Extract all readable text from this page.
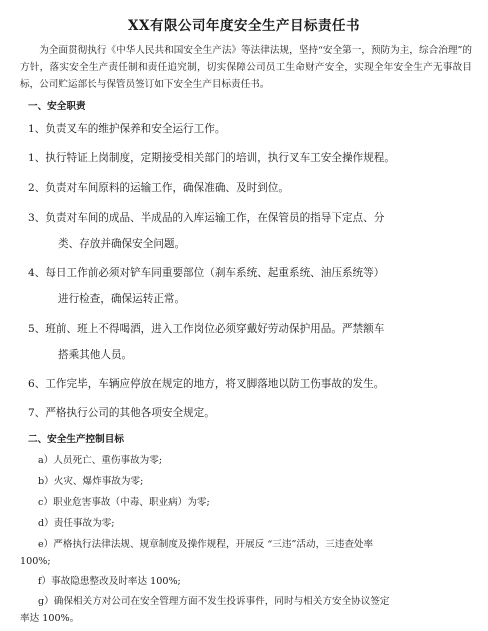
XX有限公司年度安全生产目标责任书
为全面贯彻执行《中华人民共和国安全生产法》等法律法规，坚持“安全第一，预防为主，综合治理”的方针，落实安全生产责任制和责任追究制，切实保障公司员工生命财产安全，实现全年安全生产无事故目标，公司贮运部长与保管员签订如下安全生产目标责任书。
一、安全职责
1、负责叉车的维护保养和安全运行工作。
1、执行特证上岗制度，定期接受相关部门的培训，执行叉车工安全操作规程。
2、负责对车间原料的运输工作，确保准确、及时到位。
3、负责对车间的成品、半成品的入库运输工作，在保管员的指导下定点、分
类、存放并确保安全问题。
4、每日工作前必须对铲车同重要部位（刹车系统、起重系统、油压系统等）
进行检查，确保运转正常。
5、班前、班上不得喝酒，进入工作岗位必须穿戴好劳动保护用品。严禁额车
搭乘其他人员。
6、工作完毕，车辆应停放在规定的地方，将叉脚落地以防工伤事故的发生。
7、严格执行公司的其他各项安全规定。
二、安全生产控制目标
a）人员死亡、重伤事故为零;
b）火灾、爆炸事故为零;
c）职业危害事故（中毒、职业病）为零;
d）责任事故为零;
e）严格执行法律法规、规章制度及操作规程，开展反 “三违”活动，三违查处率
100%;
f）事故隐患整改及时率达 100%;
g）确保相关方对公司在安全管理方面不发生投诉事件，同时与相关方安全协议签定
率达 100%。
